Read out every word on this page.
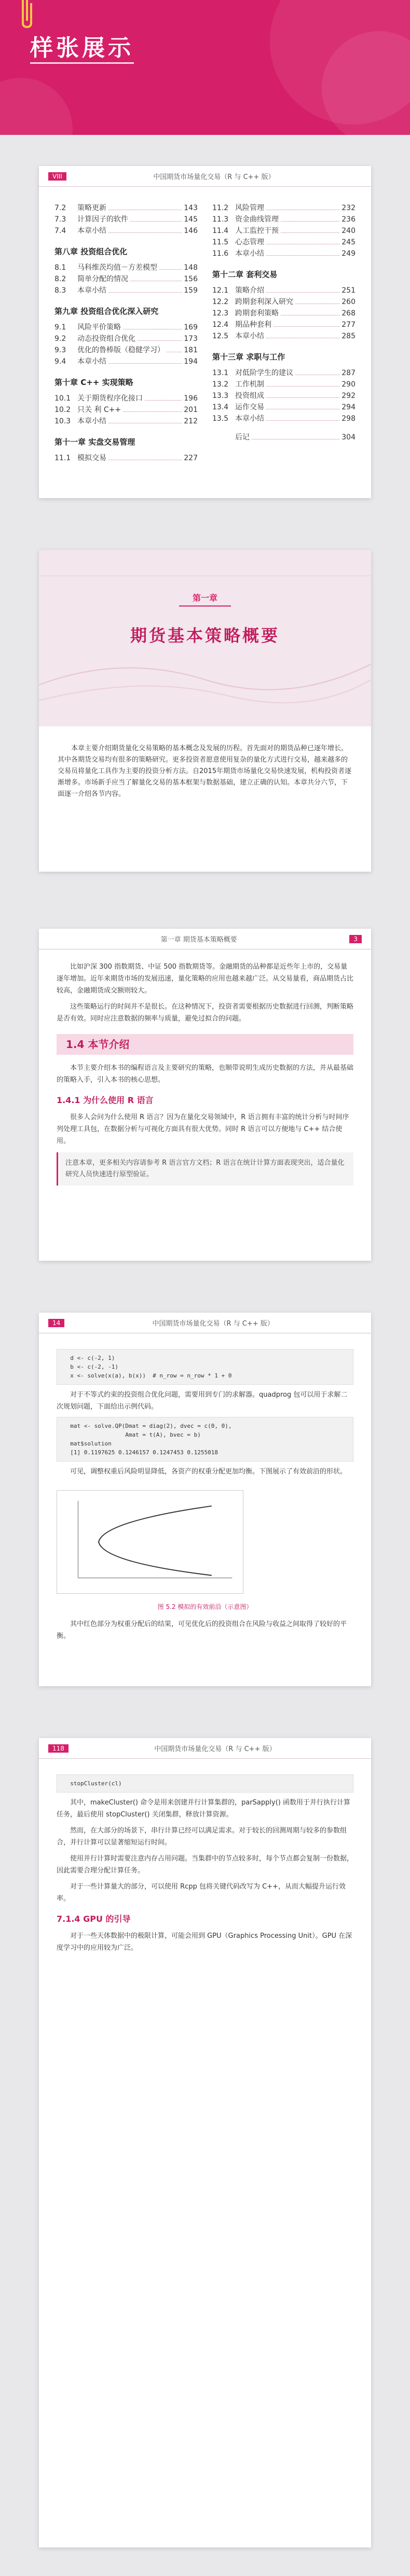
样张展示
VIII	中国期货市场量化交易（R 与 C++ 版）
7.2	策略更新	143
7.3	计算因子的软件	145
7.4	本章小结	146
第八章 投资组合优化
8.1	马科维茨均值－方差模型	148
8.2	简单分配的情况	156
8.3	本章小结	159
第九章 投资组合优化深入研究
9.1	风险平价策略	169
9.2	动态投资组合优化	173
9.3	优化的鲁棒版（稳健学习）	181
9.4	本章小结	194
第十章 C++ 实现策略
10.1 关于期货程序化接口	196
10.2 只关 利 C++	201
10.3 本章小结	212
第十一章 实盘交易管理
11.1 模拟交易	227
11.2 风险管理	232
11.3 资金曲线管理	236
11.4 人工监控干预	240
11.5 心态管理	245
11.6 本章小结	249
第十二章 套利交易
12.1 策略介绍	251
12.2 跨期套利深入研究	260
12.3 跨期套利策略	268
12.4 期品种套利	277
12.5 本章小结	285
第十三章 求职与工作
13.1 对低阶学生的建议	287
13.2 工作机制	290
13.3 投资组成	292
13.4 运作交易	294
13.5 本章小结	298
后记	304
第一章
期货基本策略概要
本章主要介绍期货量化交易策略的基本概念及发展的历程。首先面对的期货品种已逐年增长。其中各期货交易均有很多的策略研究。更多投资者愿意使用复杂的量化方式进行交易，越来越多的交易员将量化工具作为主要的投资分析方法。自2015年期货市场量化交易快速发展，机构投资者逐渐增多。市场新手应当了解量化交易的基本框架与数据基础，建立正确的认知。本章共分六节，下面逐一介绍各节内容。
第一章 期货基本策略概要	3

比如沪深 300 指数期货、中证 500 指数期货等。金融期货的品种都是近些年上市的，交易量逐年增加。近年来期货市场的发展迅速，量化策略的应用也越来越广泛。从交易量看，商品期货占比较高，金融期货成交额则较大。

这些策略运行的时间并不是很长。在这种情况下，投资者需要根据历史数据进行回测，判断策略是否有效。同时应注意数据的频率与质量，避免过拟合的问题。

1.4 本节介绍

本节主要介绍本书的编程语言及主要研究的策略，也顺带说明生成历史数据的方法，并从最基础的策略入手，引入本书的核心思想。

1.4.1 为什么使用 R 语言

很多人会问为什么使用 R 语言？因为在量化交易领域中，R 语言拥有丰富的统计分析与时间序列处理工具包，在数据分析与可视化方面具有很大优势。同时 R 语言可以方便地与 C++ 结合使用。

注意本章，更多相关内容请参考 R 语言官方文档；R 语言在统计计算方面表现突出，适合量化研究人员快速进行原型验证。
14	中国期货市场量化交易（R 与 C++ 版）
d <- c(-2, 1)
b <- c(-2, -1)
x <- solve(x(a), b(x))  # n_row = n_row * 1 + 0

对于不等式约束的投资组合优化问题，需要用到专门的求解器。quadprog 包可以用于求解二次规划问题，下面给出示例代码。

mat <- solve.QP(Dmat = diag(2), dvec = c(0, 0),
Amat = t(A), bvec = b)
mat$solution
[1] 0.1197625 0.1246157 0.1247453 0.1255018

可见，调整权重后风险明显降低，各资产的权重分配更加均衡。下图展示了有效前沿的形状。

图 5.2 模拟的有效前沿（示意图）

其中红色部分为权重分配后的结果，可见优化后的投资组合在风险与收益之间取得了较好的平衡。

118	中国期货市场量化交易（R 与 C++ 版）
stopCluster(cl)

其中，makeCluster() 命令是用来创建并行计算集群的，parSapply() 函数用于并行执行计算任务，最后使用 stopCluster() 关闭集群，释放计算资源。

然而，在大部分的场景下，串行计算已经可以满足需求。对于较长的回测周期与较多的参数组合，并行计算可以显著缩短运行时间。

使用并行计算时需要注意内存占用问题。当集群中的节点较多时，每个节点都会复制一份数据，因此需要合理分配计算任务。

对于一些计算量大的部分，可以使用 Rcpp 包将关键代码改写为 C++，从而大幅提升运行效率。

7.1.4 GPU 的引导

对于一些天体数据中的极限计算，可能会用到 GPU（Graphics Processing Unit）。GPU 在深度学习中的应用较为广泛。
